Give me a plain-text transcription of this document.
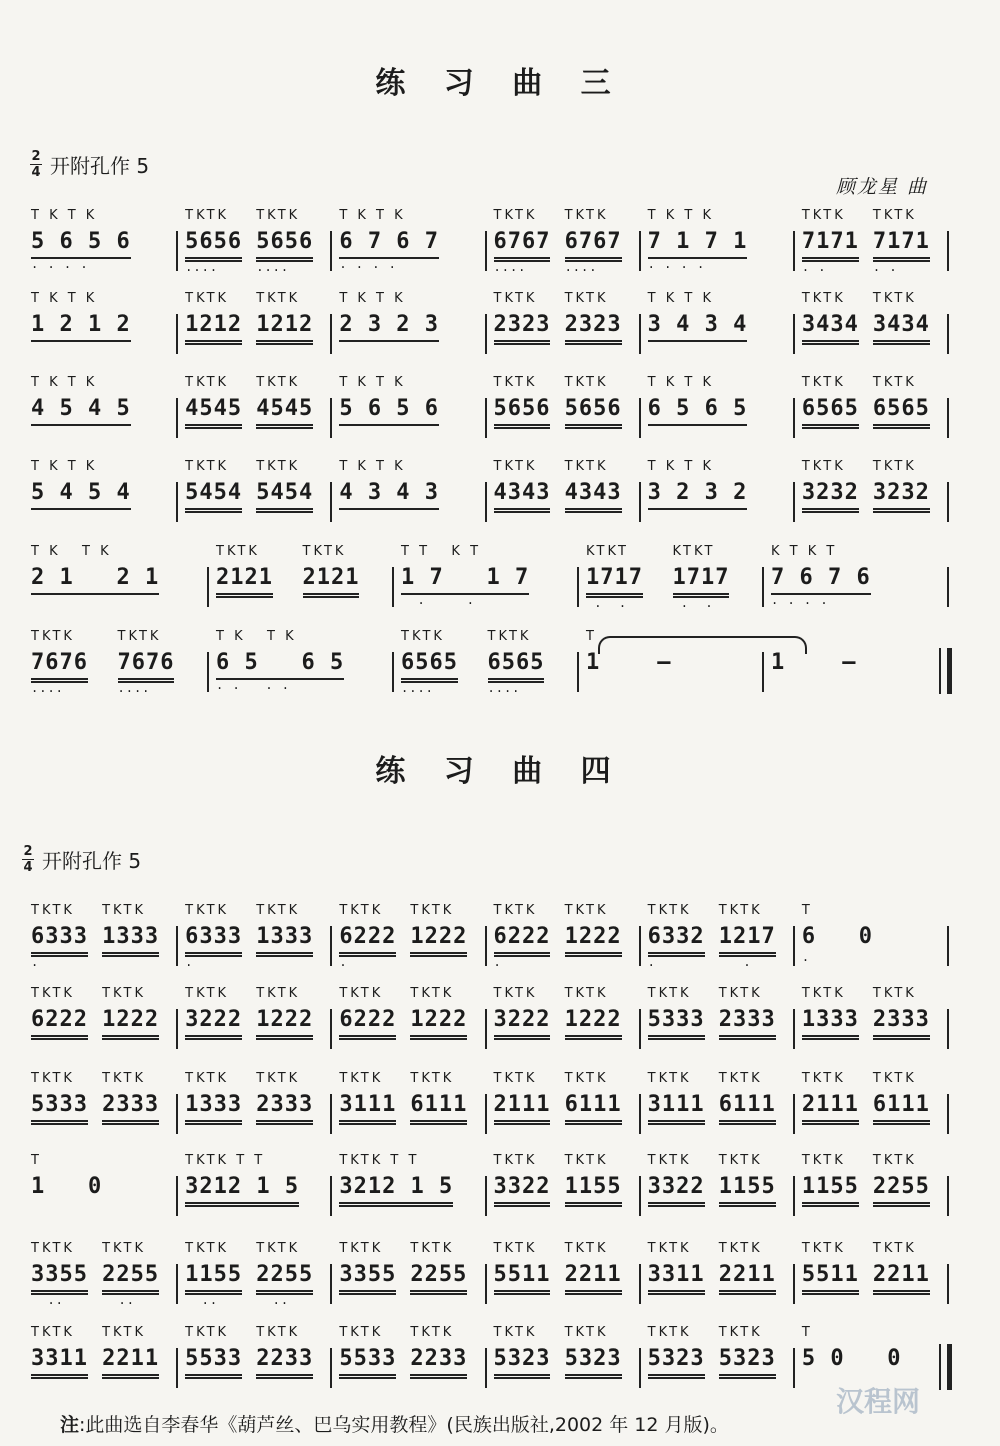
练 习 曲 三
$\frac{2}{4}$ 开附孔作 5
顾龙星 曲
T K T K
5 6 5 6
. . . .
TKTK
5656
....
TKTK
5656
....
T K T K
6 7 6 7
. . . .
TKTK
6767
....
TKTK
6767
....
T K T K
7 1 7 1
. . . .
TKTK
7171
. .
TKTK
7171
. .
T K T K
1 2 1 2
TKTK
1212
TKTK
1212
T K T K
2 3 2 3
TKTK
2323
TKTK
2323
T K T K
3 4 3 4
TKTK
3434
TKTK
3434
T K T K
4 5 4 5
TKTK
4545
TKTK
4545
T K T K
5 6 5 6
TKTK
5656
TKTK
5656
T K T K
6 5 6 5
TKTK
6565
TKTK
6565
T K T K
5 4 5 4
TKTK
5454
TKTK
5454
T K T K
4 3 4 3
TKTK
4343
TKTK
4343
T K T K
3 2 3 2
TKTK
3232
TKTK
3232
T K   T K
2 1   2 1
TKTK
2121
TKTK
2121
T T   K T
1 7   1 7
.     .
KTKT
1717
.  .
KTKT
1717
.  .
K T K T
7 6 7 6
. . . .
TKTK
7676
....
TKTK
7676
....
T K   T K
6 5   6 5
. .   . .
TKTK
6565
....
TKTK
6565
....
T
1    –	1    –
练 习 曲 四
$\frac{2}{4}$ 开附孔作 5
TKTK
6333
.
TKTK
1333
TKTK
6333
.
TKTK
1333
TKTK
6222
.
TKTK
1222
TKTK
6222
.
TKTK
1222
TKTK
6332
.
TKTK
1217
.
T
6   0
.
TKTK
6222
TKTK
1222
TKTK
3222
TKTK
1222
TKTK
6222
TKTK
1222
TKTK
3222
TKTK
1222
TKTK
5333
TKTK
2333
TKTK
1333
TKTK
2333
TKTK
5333
TKTK
2333
TKTK
1333
TKTK
2333
TKTK
3111
TKTK
6111
TKTK
2111
TKTK
6111
TKTK
3111
TKTK
6111
TKTK
2111
TKTK
6111
T
1   0
TKTK T T
3212 1 5
TKTK T T
3212 1 5
TKTK
3322
TKTK
1155
TKTK
3322
TKTK
1155
TKTK
1155
TKTK
2255
TKTK
3355
..
TKTK
2255
..
TKTK
1155
..
TKTK
2255
..
TKTK
3355
TKTK
2255
TKTK
5511
TKTK
2211
TKTK
3311
TKTK
2211
TKTK
5511
TKTK
2211
TKTK
3311
TKTK
2211
TKTK
5533
TKTK
2233
TKTK
5533
TKTK
2233
TKTK
5323
TKTK
5323
TKTK
5323
TKTK
5323
T
5 0   0
注:此曲选自李春华《葫芦丝、巴乌实用教程》(民族出版社,2002 年 12 月版)。
汉程网
